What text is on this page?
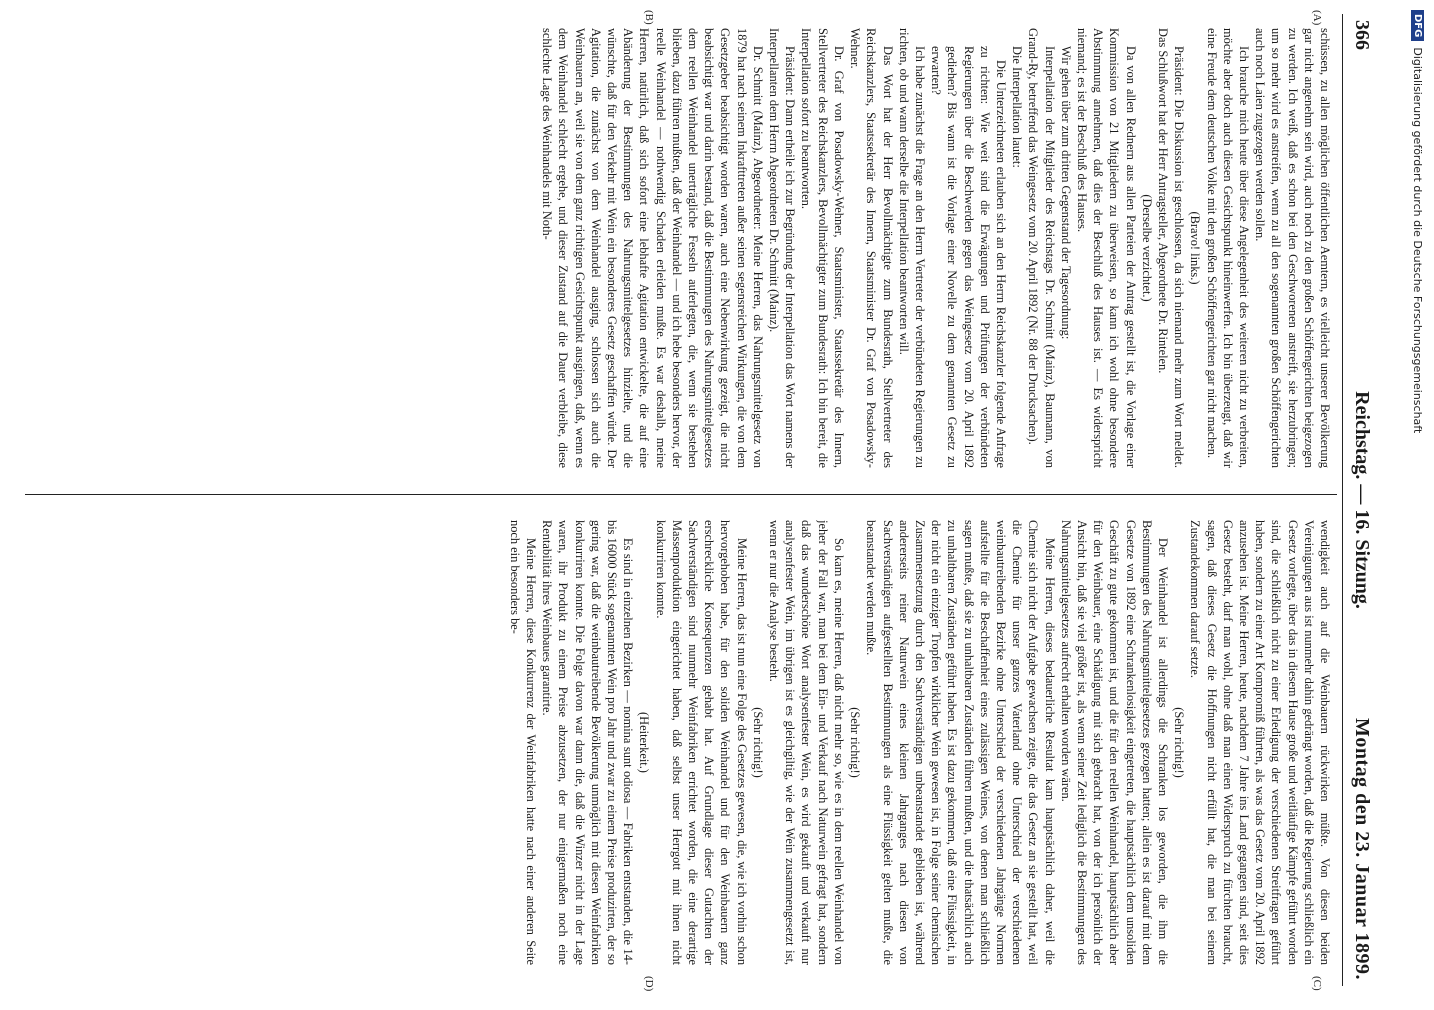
DFG
Digitalisierung gefördert durch die Deutsche Forschungsgemeinschaft
366
Reichstag. — 16. Sitzung.
Montag den 23. Januar 1899.
(A)
(B)
(C)
(D)

schüssen, zu allen möglichen öffentlichen Aemtern, es vielleicht unserer Bevölkerung gar nicht angenehm sein wird, auch noch zu den großen Schöffengerichten beigezogen zu werden. Ich weiß, daß es schon bei den Geschworenen anstreift, sie herzubringen; um so mehr wird es anstreifen, wenn zu all den sogenannten großen Schöffengerichten auch noch Laien zugezogen werden sollen.

Ich brauche mich heute über diese Angelegenheit des weiteren nicht zu verbreiten, möchte aber doch auch diesen Gesichtspunkt hineinwerfen. Ich bin überzeugt, daß wir eine Freude dem deutschen Volke mit den großen Schöffengerichten gar nicht machen.

(Bravo! links.)

Präsident: Die Diskussion ist geschlossen, da sich niemand mehr zum Wort meldet. Das Schlußwort hat der Herr Antragsteller, Abgeordnete Dr. Rintelen.

(Derselbe verzichtet.)

Da von allen Rednern aus allen Parteien der Antrag gestellt ist, die Vorlage einer Kommission von 21 Mitgliedern zu überweisen, so kann ich wohl ohne besondere Abstimmung annehmen, daß dies der Beschluß des Hauses ist. — Es widerspricht niemand; es ist der Beschluß des Hauses.

Wir gehen über zum dritten Gegenstand der Tagesordnung:

Interpellation der Mitglieder des Reichstags Dr. Schmitt (Mainz), Baumann, von Grand-Ry, betreffend das Weingesetz vom 20. April 1892 (Nr. 88 der Drucksachen).

Die Interpellation lautet:

Die Unterzeichneten erlauben sich an den Herrn Reichskanzler folgende Anfrage zu richten: Wie weit sind die Erwägungen und Prüfungen der verbündeten Regierungen über die Beschwerden gegen das Weingesetz vom 20. April 1892 gediehen? Bis wann ist die Vorlage einer Novelle zu dem genannten Gesetz zu erwarten?

Ich habe zunächst die Frage an den Herrn Vertreter der verbündeten Regierungen zu richten, ob und wann derselbe die Interpellation beantworten will.

Das Wort hat der Herr Bevollmächtigte zum Bundesrath, Stellvertreter des Reichskanzlers, Staatssekretär des Innern, Staatsminister Dr. Graf von Posadowsky-Wehner.

Dr. Graf von Posadowsky-Wehner, Staatsminister, Staatssekretär des Innern, Stellvertreter des Reichskanzlers, Bevollmächtigter zum Bundesrath: Ich bin bereit, die Interpellation sofort zu beantworten.

Präsident: Dann ertheile ich zur Begründung der Interpellation das Wort namens der Interpellanten dem Herrn Abgeordneten Dr. Schmitt (Mainz).

Dr. Schmitt (Mainz), Abgeordneter: Meine Herren, das Nahrungsmittelgesetz von 1879 hat nach seinem Inkrafttreten außer seinen segensreichen Wirkungen, die von dem Gesetzgeber beabsichtigt worden waren, auch eine Nebenwirkung gezeigt, die nicht beabsichtigt war und darin bestand, daß die Bestimmungen des Nahrungsmittelgesetzes dem reellen Weinhandel unerträgliche Fesseln auferlegten, die, wenn sie bestehen blieben, dazu führen mußten, daß der Weinhandel — und ich hebe besonders hervor, der reelle Weinhandel — nothwendig Schaden erleiden mußte. Es war deshalb, meine Herren, natürlich, daß sich sofort eine lebhafte Agitation entwickelte, die auf eine Abänderung der Bestimmungen des Nahrungsmittelgesetzes hinzielte, und die wünschte, daß für den Verkehr mit Wein ein besonderes Gesetz geschaffen würde. Der Agitation, die zunächst von dem Weinhandel ausging, schlossen sich auch die Weinbauern an, weil sie von dem ganz richtigen Gesichtspunkt ausgingen, daß, wenn es dem Weinhandel schlecht ergehe, und dieser Zustand auf die Dauer verbleibe, diese schlechte Lage des Weinhandels mit Noth-

wendigkeit auch auf die Weinbauern rückwirken müßte. Von diesen beiden Vereinigungen aus ist nunmehr dahin gedrängt worden, daß die Regierung schließlich ein Gesetz vorlegte, über das in diesem Hause große und weitläufige Kämpfe geführt worden sind, die schließlich nicht zu einer Erledigung der verschiedenen Streitfragen geführt haben, sondern zu einer Art Kompromiß führten, als was das Gesetz vom 20. April 1892 anzusehen ist. Meine Herren, heute, nachdem 7 Jahre ins Land gegangen sind, seit dies Gesetz besteht, darf man wohl, ohne daß man einen Widerspruch zu fürchten braucht, sagen, daß dieses Gesetz die Hoffnungen nicht erfüllt hat, die man bei seinem Zustandekommen darauf setzte.

(Sehr richtig!)

Der Weinhandel ist allerdings die Schranken los geworden, die ihm die Bestimmungen des Nahrungsmittelgesetzes gezogen hatten; allein es ist darauf mit dem Gesetze von 1892 eine Schrankenlosigkeit eingetreten, die hauptsächlich dem unsoliden Geschäft zu gute gekommen ist, und die für den reellen Weinhandel, hauptsächlich aber für den Weinbauer, eine Schädigung mit sich gebracht hat, von der ich persönlich der Ansicht bin, daß sie viel größer ist, als wenn seiner Zeit lediglich die Bestimmungen des Nahrungsmittelgesetzes aufrecht erhalten worden wären.

Meine Herren, dieses bedauerliche Resultat kam hauptsächlich daher, weil die Chemie sich nicht der Aufgabe gewachsen zeigte, die das Gesetz an sie gestellt hat, weil die Chemie für unser ganzes Vaterland ohne Unterschied der verschiedenen weinbautreibenden Bezirke ohne Unterschied der verschiedenen Jahrgänge Normen aufstellte für die Beschaffenheit eines zulässigen Weines, von denen man schließlich sagen mußte, daß sie zu unhaltbaren Zuständen führen mußten, und die thatsächlich auch zu unhaltbaren Zuständen geführt haben. Es ist dazu gekommen, daß eine Flüssigkeit, in der nicht ein einziger Tropfen wirklicher Wein gewesen ist, in Folge seiner chemischen Zusammensetzung durch den Sachverständigen unbeanstandet geblieben ist, während andererseits reiner Naturwein eines kleinen Jahrganges nach diesen von Sachverständigen aufgestellten Bestimmungen als eine Flüssigkeit gelten mußte, die beanstandet werden mußte.

(Sehr richtig!)

So kam es, meine Herren, daß nicht mehr so, wie es in dem reellen Weinhandel von jeher der Fall war, man bei dem Ein- und Verkauf nach Naturwein gefragt hat, sondern daß das wunderschöne Wort analysenfester Wein, es wird gekauft und verkauft nur analysenfester Wein, im übrigen ist es gleichgiltig, wie der Wein zusammengesetzt ist, wenn er nur die Analyse besteht.

(Sehr richtig!)

Meine Herren, das ist nun eine Folge des Gesetzes gewesen, die, wie ich vorhin schon hervorgehoben habe, für den soliden Weinhandel und für den Weinbauern ganz erschreckliche Konsequenzen gehabt hat. Auf Grundlage dieser Gutachten der Sachverständigen sind nunmehr Weinfabriken errichtet worden, die eine derartige Massenproduktion eingerichtet haben, daß selbst unser Herrgott mit ihnen nicht konkurriren konnte.

(Heiterkeit.)

Es sind in einzelnen Bezirken — nomina sunt odiosa — Fabriken entstanden, die 14- bis 16000 Stück sogenannten Wein pro Jahr und zwar zu einem Preise produzirten, der so gering war, daß die weinbautreibende Bevölkerung unmöglich mit diesen Weinfabriken konkurriren konnte. Die Folge davon war dann die, daß die Winzer nicht in der Lage waren, ihr Produkt zu einem Preise abzusetzen, der nur einigermaßen noch eine Rentabilität ihres Weinbaues garantirte.

Meine Herren, diese Konkurrenz der Weinfabriken hatte nach einer anderen Seite noch ein besonders be-
